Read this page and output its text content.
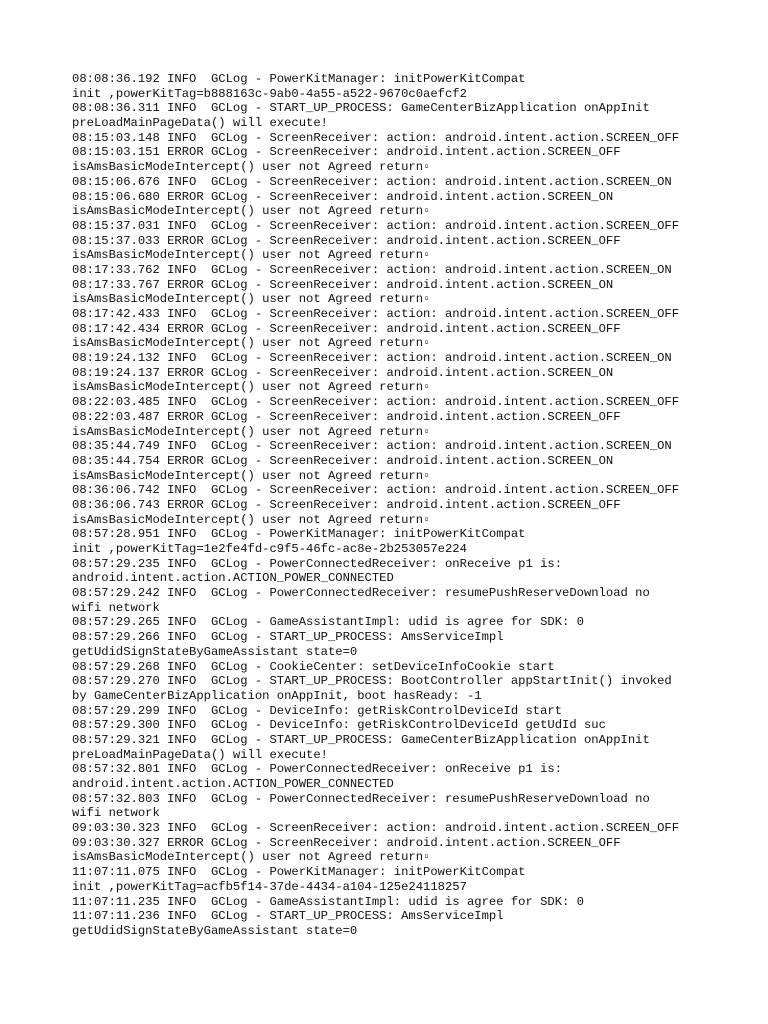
08:08:36.192 INFO  GCLog - PowerKitManager: initPowerKitCompat
init ,powerKitTag=b888163c-9ab0-4a55-a522-9670c0aefcf2
08:08:36.311 INFO  GCLog - START_UP_PROCESS: GameCenterBizApplication onAppInit
preLoadMainPageData() will execute!
08:15:03.148 INFO  GCLog - ScreenReceiver: action: android.intent.action.SCREEN_OFF
08:15:03.151 ERROR GCLog - ScreenReceiver: android.intent.action.SCREEN_OFF
isAmsBasicModeIntercept() user not Agreed return▫
08:15:06.676 INFO  GCLog - ScreenReceiver: action: android.intent.action.SCREEN_ON
08:15:06.680 ERROR GCLog - ScreenReceiver: android.intent.action.SCREEN_ON
isAmsBasicModeIntercept() user not Agreed return▫
08:15:37.031 INFO  GCLog - ScreenReceiver: action: android.intent.action.SCREEN_OFF
08:15:37.033 ERROR GCLog - ScreenReceiver: android.intent.action.SCREEN_OFF
isAmsBasicModeIntercept() user not Agreed return▫
08:17:33.762 INFO  GCLog - ScreenReceiver: action: android.intent.action.SCREEN_ON
08:17:33.767 ERROR GCLog - ScreenReceiver: android.intent.action.SCREEN_ON
isAmsBasicModeIntercept() user not Agreed return▫
08:17:42.433 INFO  GCLog - ScreenReceiver: action: android.intent.action.SCREEN_OFF
08:17:42.434 ERROR GCLog - ScreenReceiver: android.intent.action.SCREEN_OFF
isAmsBasicModeIntercept() user not Agreed return▫
08:19:24.132 INFO  GCLog - ScreenReceiver: action: android.intent.action.SCREEN_ON
08:19:24.137 ERROR GCLog - ScreenReceiver: android.intent.action.SCREEN_ON
isAmsBasicModeIntercept() user not Agreed return▫
08:22:03.485 INFO  GCLog - ScreenReceiver: action: android.intent.action.SCREEN_OFF
08:22:03.487 ERROR GCLog - ScreenReceiver: android.intent.action.SCREEN_OFF
isAmsBasicModeIntercept() user not Agreed return▫
08:35:44.749 INFO  GCLog - ScreenReceiver: action: android.intent.action.SCREEN_ON
08:35:44.754 ERROR GCLog - ScreenReceiver: android.intent.action.SCREEN_ON
isAmsBasicModeIntercept() user not Agreed return▫
08:36:06.742 INFO  GCLog - ScreenReceiver: action: android.intent.action.SCREEN_OFF
08:36:06.743 ERROR GCLog - ScreenReceiver: android.intent.action.SCREEN_OFF
isAmsBasicModeIntercept() user not Agreed return▫
08:57:28.951 INFO  GCLog - PowerKitManager: initPowerKitCompat
init ,powerKitTag=1e2fe4fd-c9f5-46fc-ac8e-2b253057e224
08:57:29.235 INFO  GCLog - PowerConnectedReceiver: onReceive p1 is:
android.intent.action.ACTION_POWER_CONNECTED
08:57:29.242 INFO  GCLog - PowerConnectedReceiver: resumePushReserveDownload no
wifi network
08:57:29.265 INFO  GCLog - GameAssistantImpl: udid is agree for SDK: 0
08:57:29.266 INFO  GCLog - START_UP_PROCESS: AmsServiceImpl
getUdidSignStateByGameAssistant state=0
08:57:29.268 INFO  GCLog - CookieCenter: setDeviceInfoCookie start
08:57:29.270 INFO  GCLog - START_UP_PROCESS: BootController appStartInit() invoked
by GameCenterBizApplication onAppInit, boot hasReady: -1
08:57:29.299 INFO  GCLog - DeviceInfo: getRiskControlDeviceId start
08:57:29.300 INFO  GCLog - DeviceInfo: getRiskControlDeviceId getUdId suc
08:57:29.321 INFO  GCLog - START_UP_PROCESS: GameCenterBizApplication onAppInit
preLoadMainPageData() will execute!
08:57:32.801 INFO  GCLog - PowerConnectedReceiver: onReceive p1 is:
android.intent.action.ACTION_POWER_CONNECTED
08:57:32.803 INFO  GCLog - PowerConnectedReceiver: resumePushReserveDownload no
wifi network
09:03:30.323 INFO  GCLog - ScreenReceiver: action: android.intent.action.SCREEN_OFF
09:03:30.327 ERROR GCLog - ScreenReceiver: android.intent.action.SCREEN_OFF
isAmsBasicModeIntercept() user not Agreed return▫
11:07:11.075 INFO  GCLog - PowerKitManager: initPowerKitCompat
init ,powerKitTag=acfb5f14-37de-4434-a104-125e24118257
11:07:11.235 INFO  GCLog - GameAssistantImpl: udid is agree for SDK: 0
11:07:11.236 INFO  GCLog - START_UP_PROCESS: AmsServiceImpl
getUdidSignStateByGameAssistant state=0
